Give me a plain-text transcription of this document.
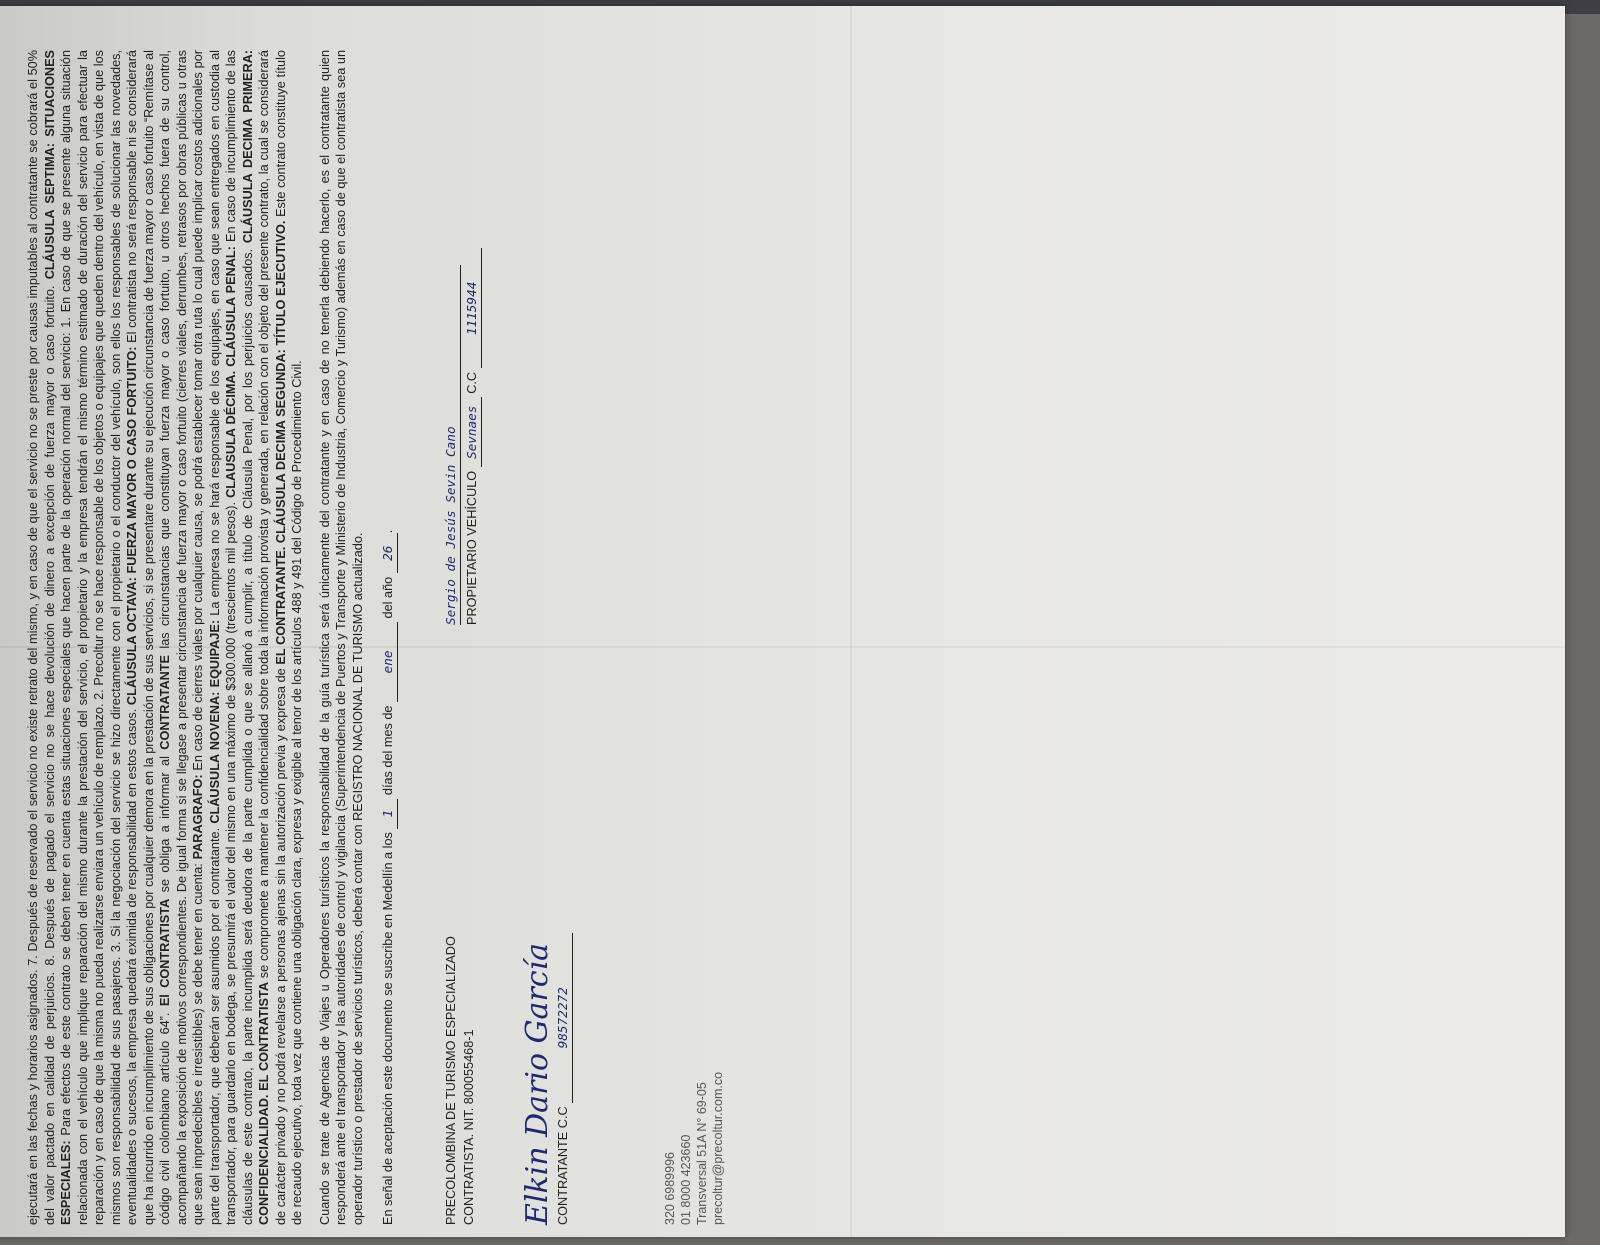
ejecutará en las fechas y horarios asignados. 7. Después de reservado el servicio no existe retrato del mismo, y en caso de que el servicio no se preste por causas imputables al contratante se cobrará el 50% del valor pactado en calidad de perjuicios. 8. Después de pagado el servicio no se hace devolución de dinero a excepción de fuerza mayor o caso fortuito. CLÁUSULA SEPTIMA: SITUACIONES ESPECIALES: Para efectos de este contrato se deben tener en cuenta estas situaciones especiales que hacen parte de la operación normal del servicio: 1. En caso de que se presente alguna situación relacionada con el vehículo que implique reparación del mismo durante la prestación del servicio, el propietario y la empresa tendrán el mismo término estimado de duración del servicio para efectuar la reparación y en caso de que la misma no pueda realizarse enviara un vehículo de remplazo. 2. Precoltur no se hace responsable de los objetos o equipajes que queden dentro del vehículo, en vista de que los mismos son responsabilidad de sus pasajeros. 3. Si la negociación del servicio se hizo directamente con el propietario o el conductor del vehículo, son ellos los responsables de solucionar las novedades, eventualidades o sucesos, la empresa quedará eximida de responsabilidad en estos casos. CLÁUSULA OCTAVA: FUERZA MAYOR O CASO FORTUITO: El contratista no será responsable ni se considerará que ha incurrido en incumplimiento de sus obligaciones por cualquier demora en la prestación de sus servicios, si se presentare durante su ejecución circunstancia de fuerza mayor o caso fortuito “Remítase al código civil colombiano artículo 64”. El CONTRATISTA se obliga a informar al CONTRATANTE las circunstancias que constituyan fuerza mayor o caso fortuito, u otros hechos fuera de su control, acompañando la exposición de motivos correspondientes. De igual forma si se llegase a presentar circunstancia de fuerza mayor o caso fortuito (cierres viales, derrumbes, retrasos por obras públicas u otras que sean impredecibles e irresistibles) se debe tener en cuenta: PARAGRAFO: En caso de cierres viales por cualquier causa, se podrá establecer tomar otra ruta lo cual puede implicar costos adicionales por parte del transportador, que deberán ser asumidos por el contratante. CLÁUSULA NOVENA: EQUIPAJE: La empresa no se hará responsable de los equipajes, en caso que sean entregados en custodia al transportador, para guardarlo en bodega, se presumirá el valor del mismo en una máximo de $300.000 (trescientos mil pesos). CLAUSULA DÉCIMA. CLÁUSULA PENAL: En caso de incumplimiento de las cláusulas de este contrato, la parte incumplida será deudora de la parte cumplida o que se allanó a cumplir, a título de Cláusula Penal, por los perjuicios causados. CLÁUSULA DECIMA PRIMERA: CONFIDENCIALIDAD. EL CONTRATISTA se compromete a mantener la confidencialidad sobre toda la información provista y generada, en relación con el objeto del presente contrato, la cual se considerará de carácter privado y no podrá revelarse a personas ajenas sin la autorización previa y expresa de EL CONTRATANTE. CLÁUSULA DECIMA SEGUNDA: TÍTULO EJECUTIVO. Este contrato constituye título de recaudo ejecutivo, toda vez que contiene una obligación clara, expresa y exigible al tenor de los artículos 488 y 491 del Código de Procedimiento Civil. Cuando se trate de Agencias de Viajes u Operadores turísticos la responsabilidad de la guía turística será únicamente del contratante y en caso de no tenerla debiendo hacerlo, es el contratante quien responderá ante el transportador y las autoridades de control y vigilancia (Superintendencia de Puertos y Transporte y Ministerio de Industria, Comercio y Turismo) además en caso de que el contratista sea un operador turístico o prestador de servicios turísticos, deberá contar con REGISTRO NACIONAL DE TURISMO actualizado. En señal de aceptación este documento se suscribe en Medellín a los 1 días del mes de ene del año 26.
PRECOLOMBINA DE TURISMO ESPECIALIZADO CONTRATISTA. NIT. 800055468-1
Sergio de Jesús Sevin Cano PROPIETARIO VEHÍCULO Sevnaes C.C 1115944
Elkin Dario García CONTRATANTE C.C 98572272
320 6989996 01 8000 423660 Transversal 51A N° 69-05 precoltur@precoltur.com.co
